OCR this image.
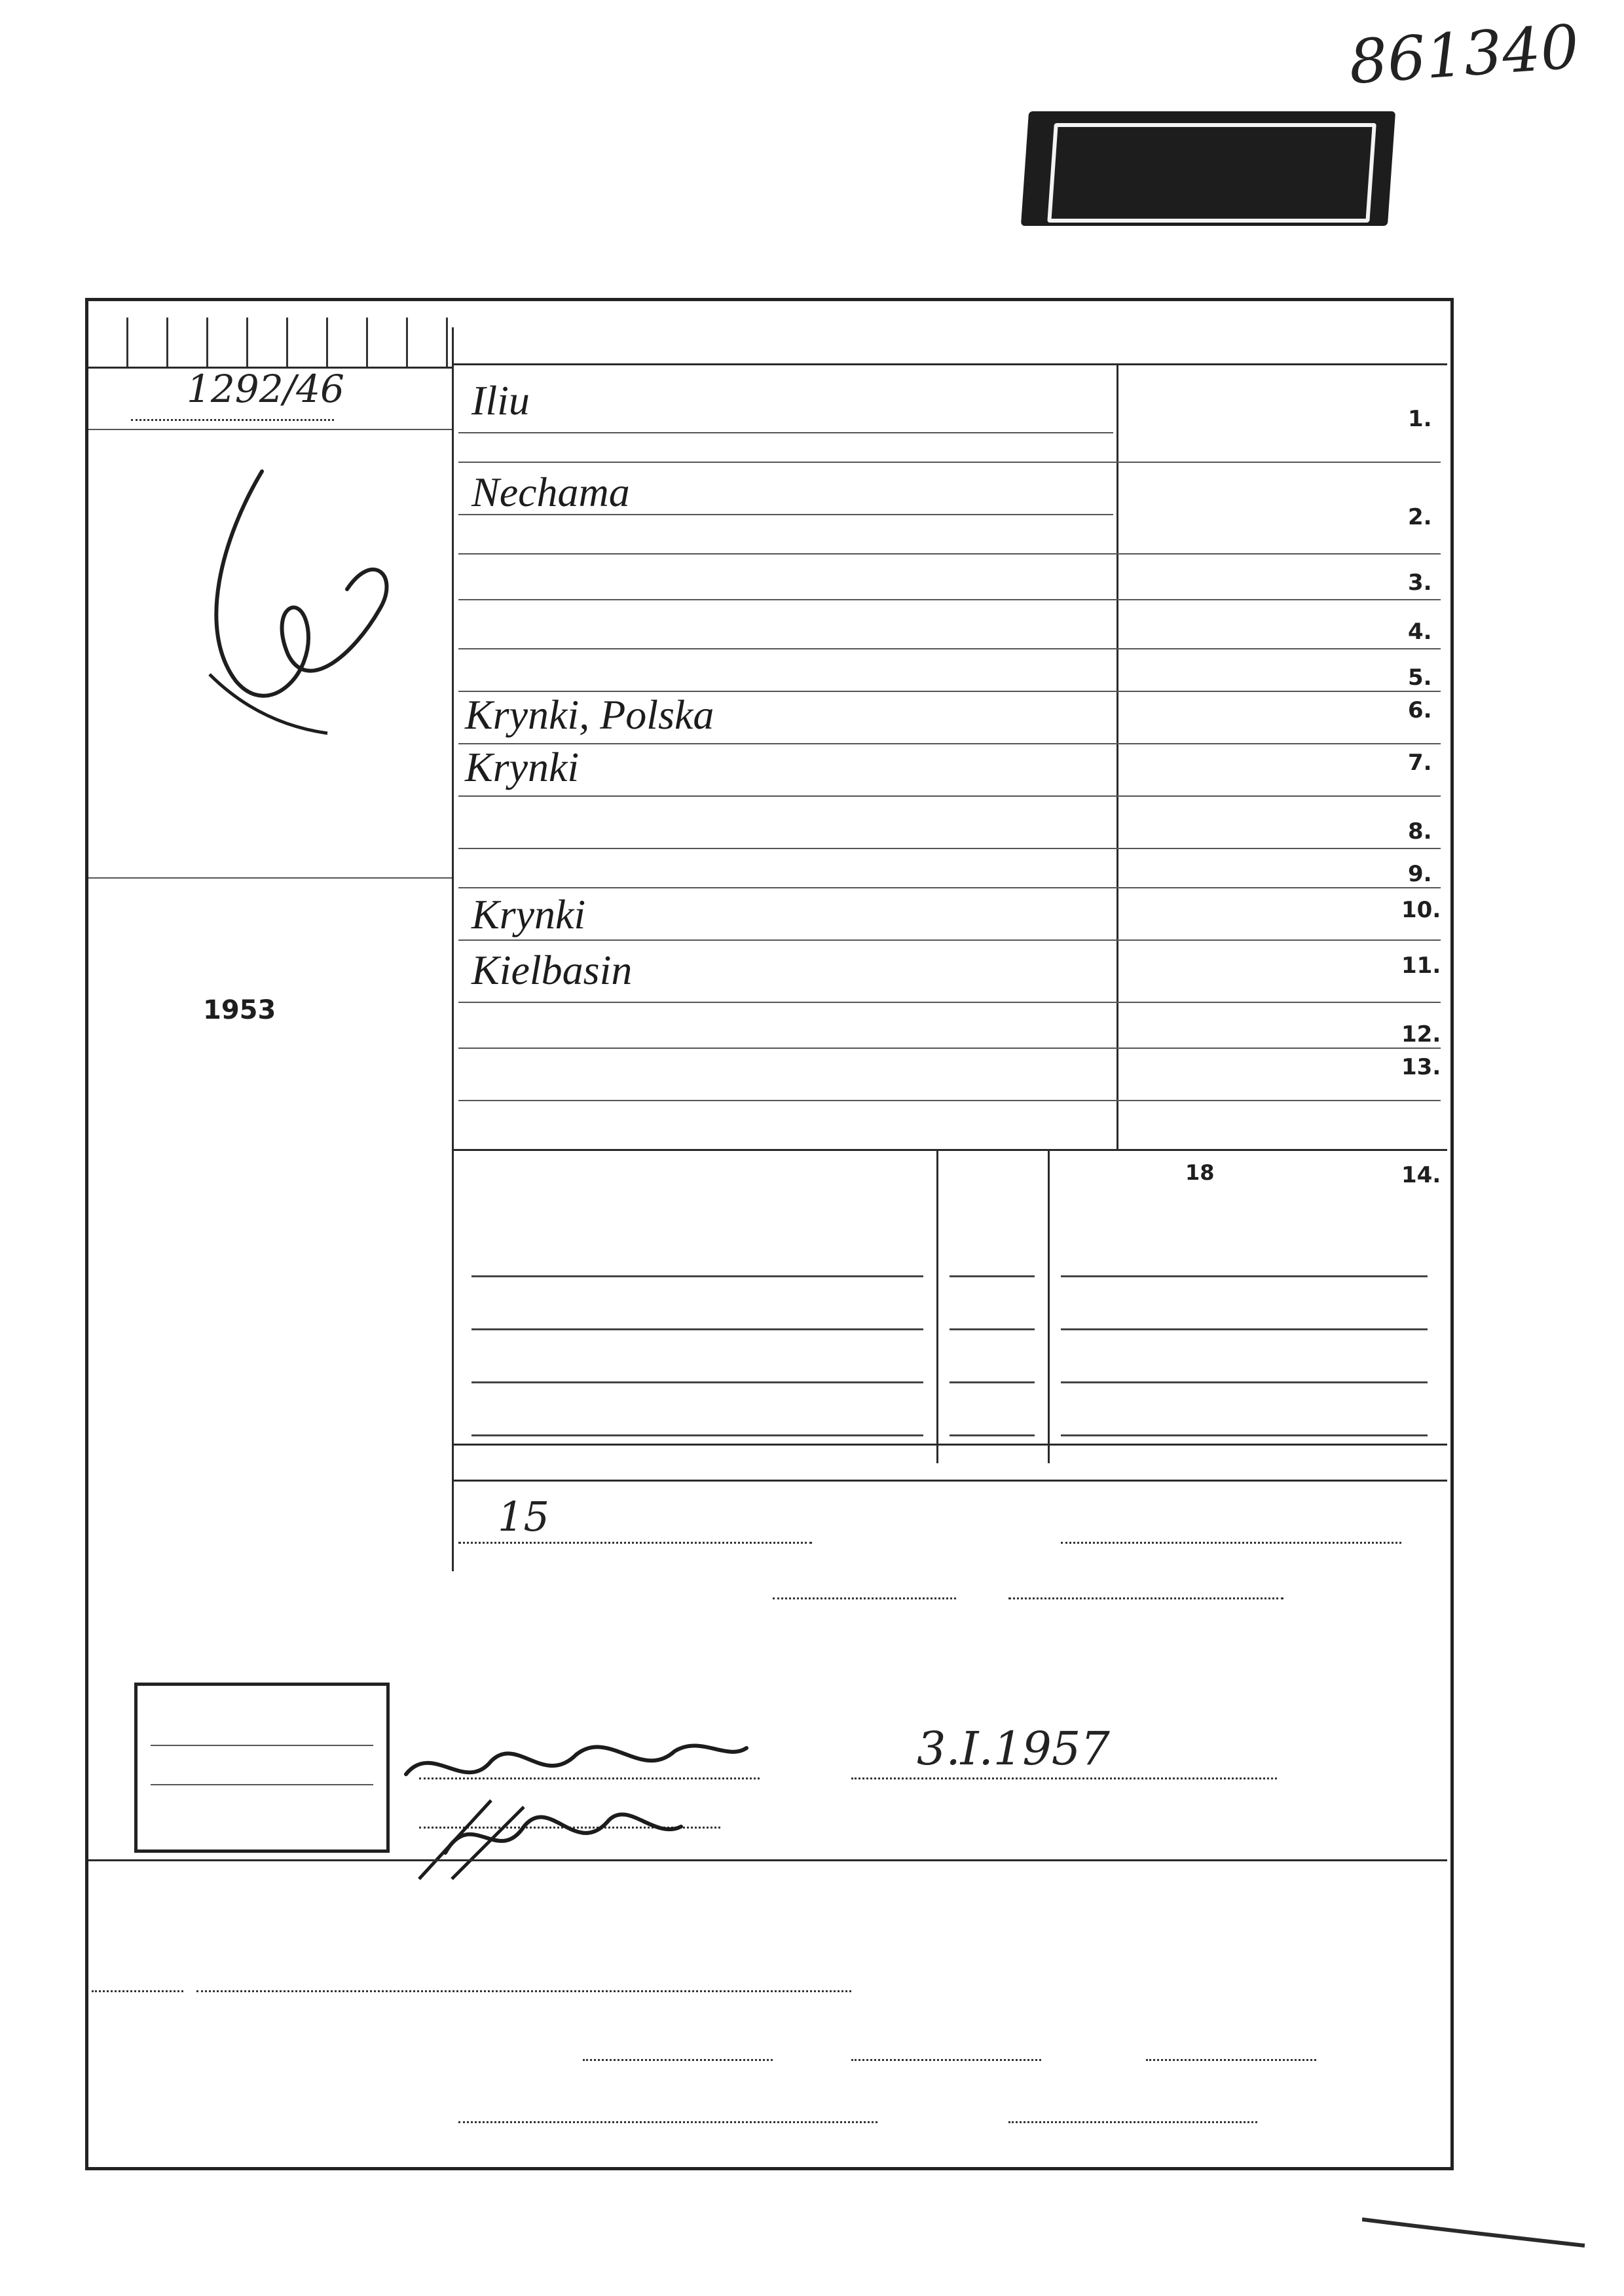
861340
1292/46
1953
1.
2.
3.
4.
5.
6.
7.
8.
9.
10.
11.
12.
13.
14.
Iliu
Nechama
Krynki, Polska
Krynki
Krynki
Kielbasin
18
15
3.I.1957
